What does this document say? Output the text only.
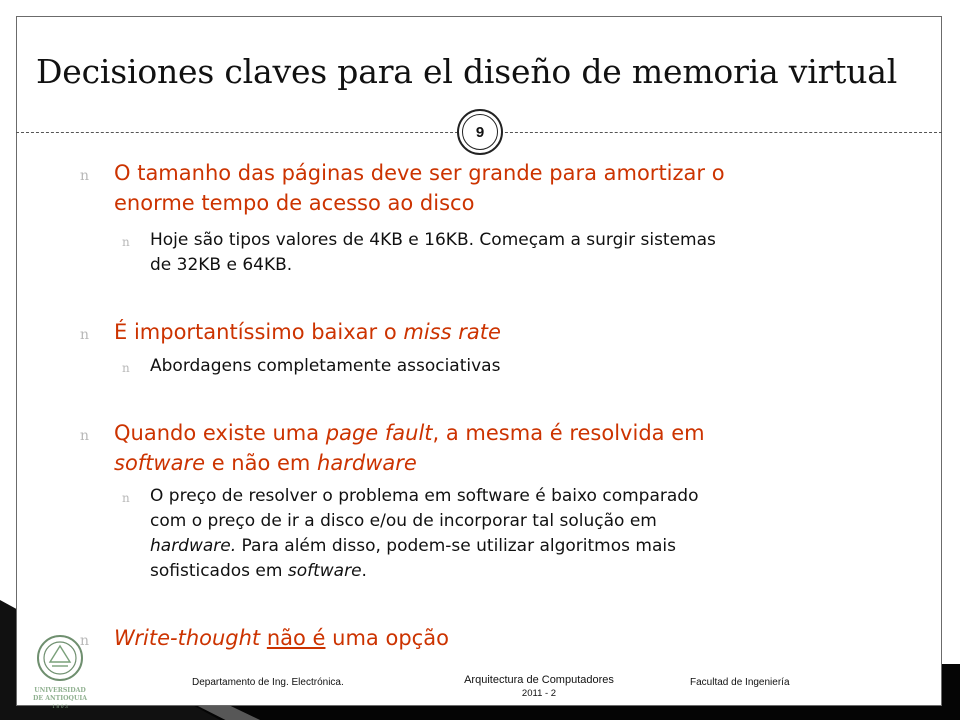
Decisiones claves para el diseño de memoria virtual
9
n O tamanho das páginas deve ser grande para amortizar o
enorme tempo de acesso ao disco
n Hoje são tipos valores de 4KB e 16KB. Começam a surgir sistemas
de 32KB e 64KB.
n É importantíssimo baixar o miss rate
n Abordagens completamente associativas
n Quando existe uma page fault, a mesma é resolvida em
software e não em hardware
n O preço de resolver o problema em software é baixo comparado
com o preço de ir a disco e/ou de incorporar tal solução em
hardware. Para além disso, podem-se utilizar algoritmos mais
sofisticados em software.
n Write-thought não é uma opção
UNIVERSIDAD
DE ANTIOQUIA
1 8 0 3
Departamento de Ing. Electrónica.	Arquitectura de Computadores
2011 - 2
Facultad de Ingeniería
